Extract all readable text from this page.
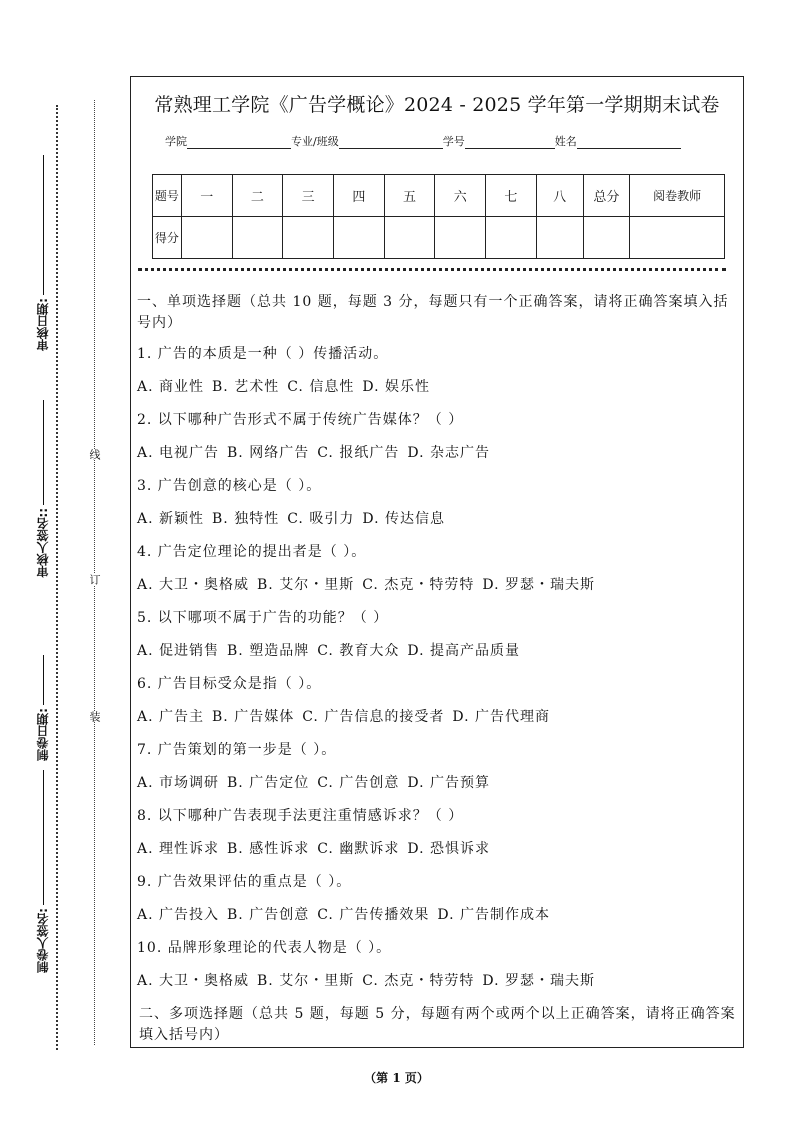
审核日期:
审核人签名::
制卷日期:
制卷人签名:
线
订
装
常熟理工学院《广告学概论》2024 - 2025 学年第一学期期末试卷
学院	专业/班级	学号	姓名
题号	一	二	三	四	五	六	七	八	总分	阅卷教师
得分										

一、单项选择题（总共 10 题，每题 3 分，每题只有一个正确答案，请将正确答案填入括号内）

1. 广告的本质是一种（ ）传播活动。

A. 商业性 B. 艺术性 C. 信息性 D. 娱乐性

2. 以下哪种广告形式不属于传统广告媒体？（ ）

A. 电视广告 B. 网络广告 C. 报纸广告 D. 杂志广告

3. 广告创意的核心是（ ）。

A. 新颖性 B. 独特性 C. 吸引力 D. 传达信息

4. 广告定位理论的提出者是（ ）。

A. 大卫・奥格威 B. 艾尔・里斯 C. 杰克・特劳特 D. 罗瑟・瑞夫斯

5. 以下哪项不属于广告的功能？（ ）

A. 促进销售 B. 塑造品牌 C. 教育大众 D. 提高产品质量

6. 广告目标受众是指（ ）。

A. 广告主 B. 广告媒体 C. 广告信息的接受者 D. 广告代理商

7. 广告策划的第一步是（ ）。

A. 市场调研 B. 广告定位 C. 广告创意 D. 广告预算

8. 以下哪种广告表现手法更注重情感诉求？（ ）

A. 理性诉求 B. 感性诉求 C. 幽默诉求 D. 恐惧诉求

9. 广告效果评估的重点是（ ）。

A. 广告投入 B. 广告创意 C. 广告传播效果 D. 广告制作成本

10. 品牌形象理论的代表人物是（ ）。

A. 大卫・奥格威 B. 艾尔・里斯 C. 杰克・特劳特 D. 罗瑟・瑞夫斯

二、多项选择题（总共 5 题，每题 5 分，每题有两个或两个以上正确答案，请将正确答案填入括号内）

（第 1 页）
